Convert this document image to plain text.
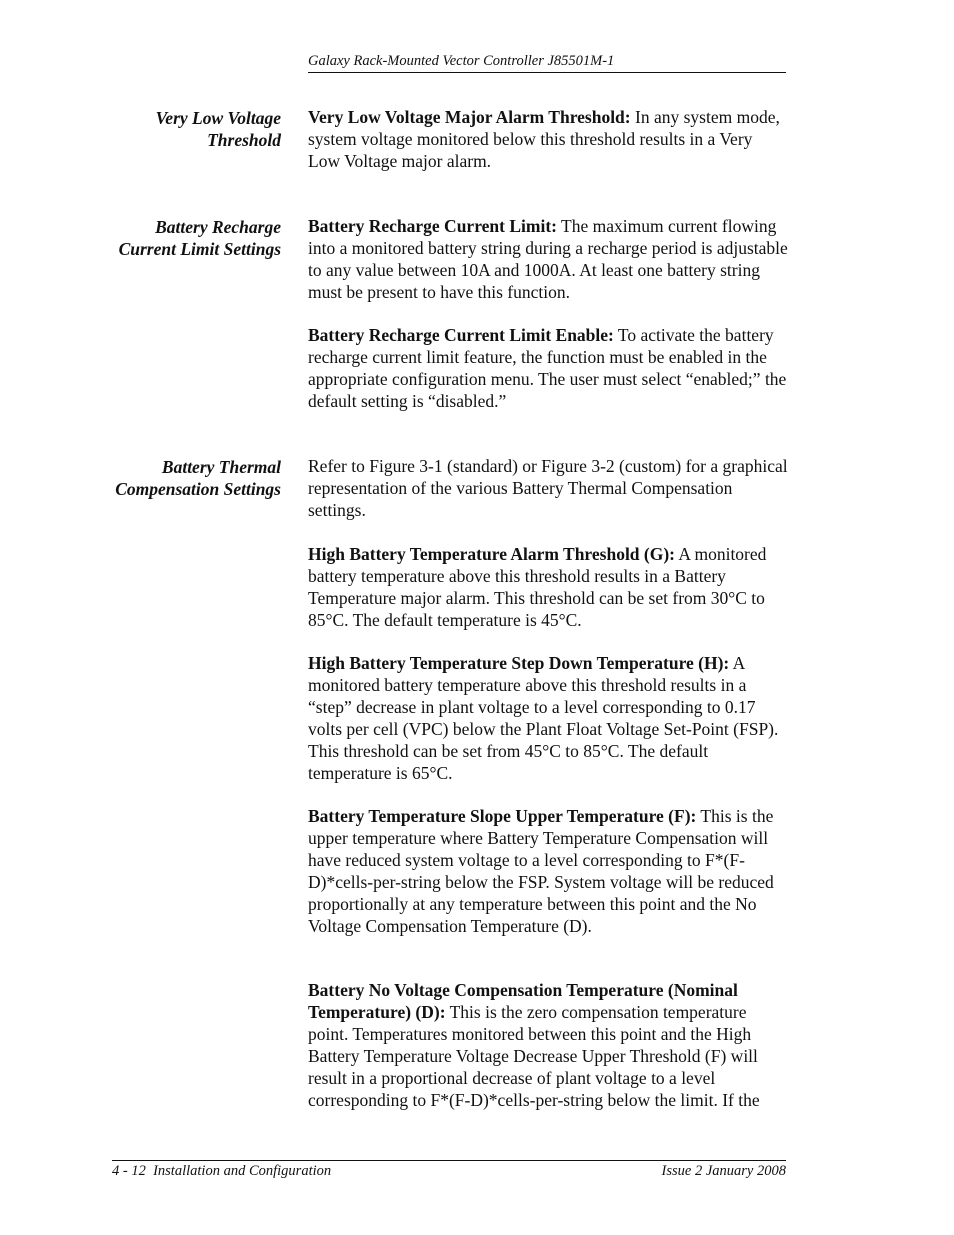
Galaxy Rack-Mounted Vector Controller J85501M-1
Very Low Voltage Threshold
Very Low Voltage Major Alarm Threshold: In any system mode, system voltage monitored below this threshold results in a Very Low Voltage major alarm.
Battery Recharge Current Limit Settings
Battery Recharge Current Limit: The maximum current flowing into a monitored battery string during a recharge period is adjustable to any value between 10A and 1000A. At least one battery string must be present to have this function.
Battery Recharge Current Limit Enable: To activate the battery recharge current limit feature, the function must be enabled in the appropriate configuration menu. The user must select “enabled;” the default setting is “disabled.”
Battery Thermal Compensation Settings
Refer to Figure 3-1 (standard) or Figure 3-2 (custom) for a graphical representation of the various Battery Thermal Compensation settings.
High Battery Temperature Alarm Threshold (G): A monitored battery temperature above this threshold results in a Battery Temperature major alarm. This threshold can be set from 30°C to 85°C. The default temperature is 45°C.
High Battery Temperature Step Down Temperature (H): A monitored battery temperature above this threshold results in a “step” decrease in plant voltage to a level corresponding to 0.17 volts per cell (VPC) below the Plant Float Voltage Set-Point (FSP). This threshold can be set from 45°C to 85°C. The default temperature is 65°C.
Battery Temperature Slope Upper Temperature (F): This is the upper temperature where Battery Temperature Compensation will have reduced system voltage to a level corresponding to F*(F-D)*cells-per-string below the FSP. System voltage will be reduced proportionally at any temperature between this point and the No Voltage Compensation Temperature (D).
Battery No Voltage Compensation Temperature (Nominal Temperature) (D): This is the zero compensation temperature point. Temperatures monitored between this point and the High Battery Temperature Voltage Decrease Upper Threshold (F) will result in a proportional decrease of plant voltage to a level corresponding to F*(F-D)*cells-per-string below the limit. If the
4 - 12  Installation and Configuration	Issue 2 January 2008
